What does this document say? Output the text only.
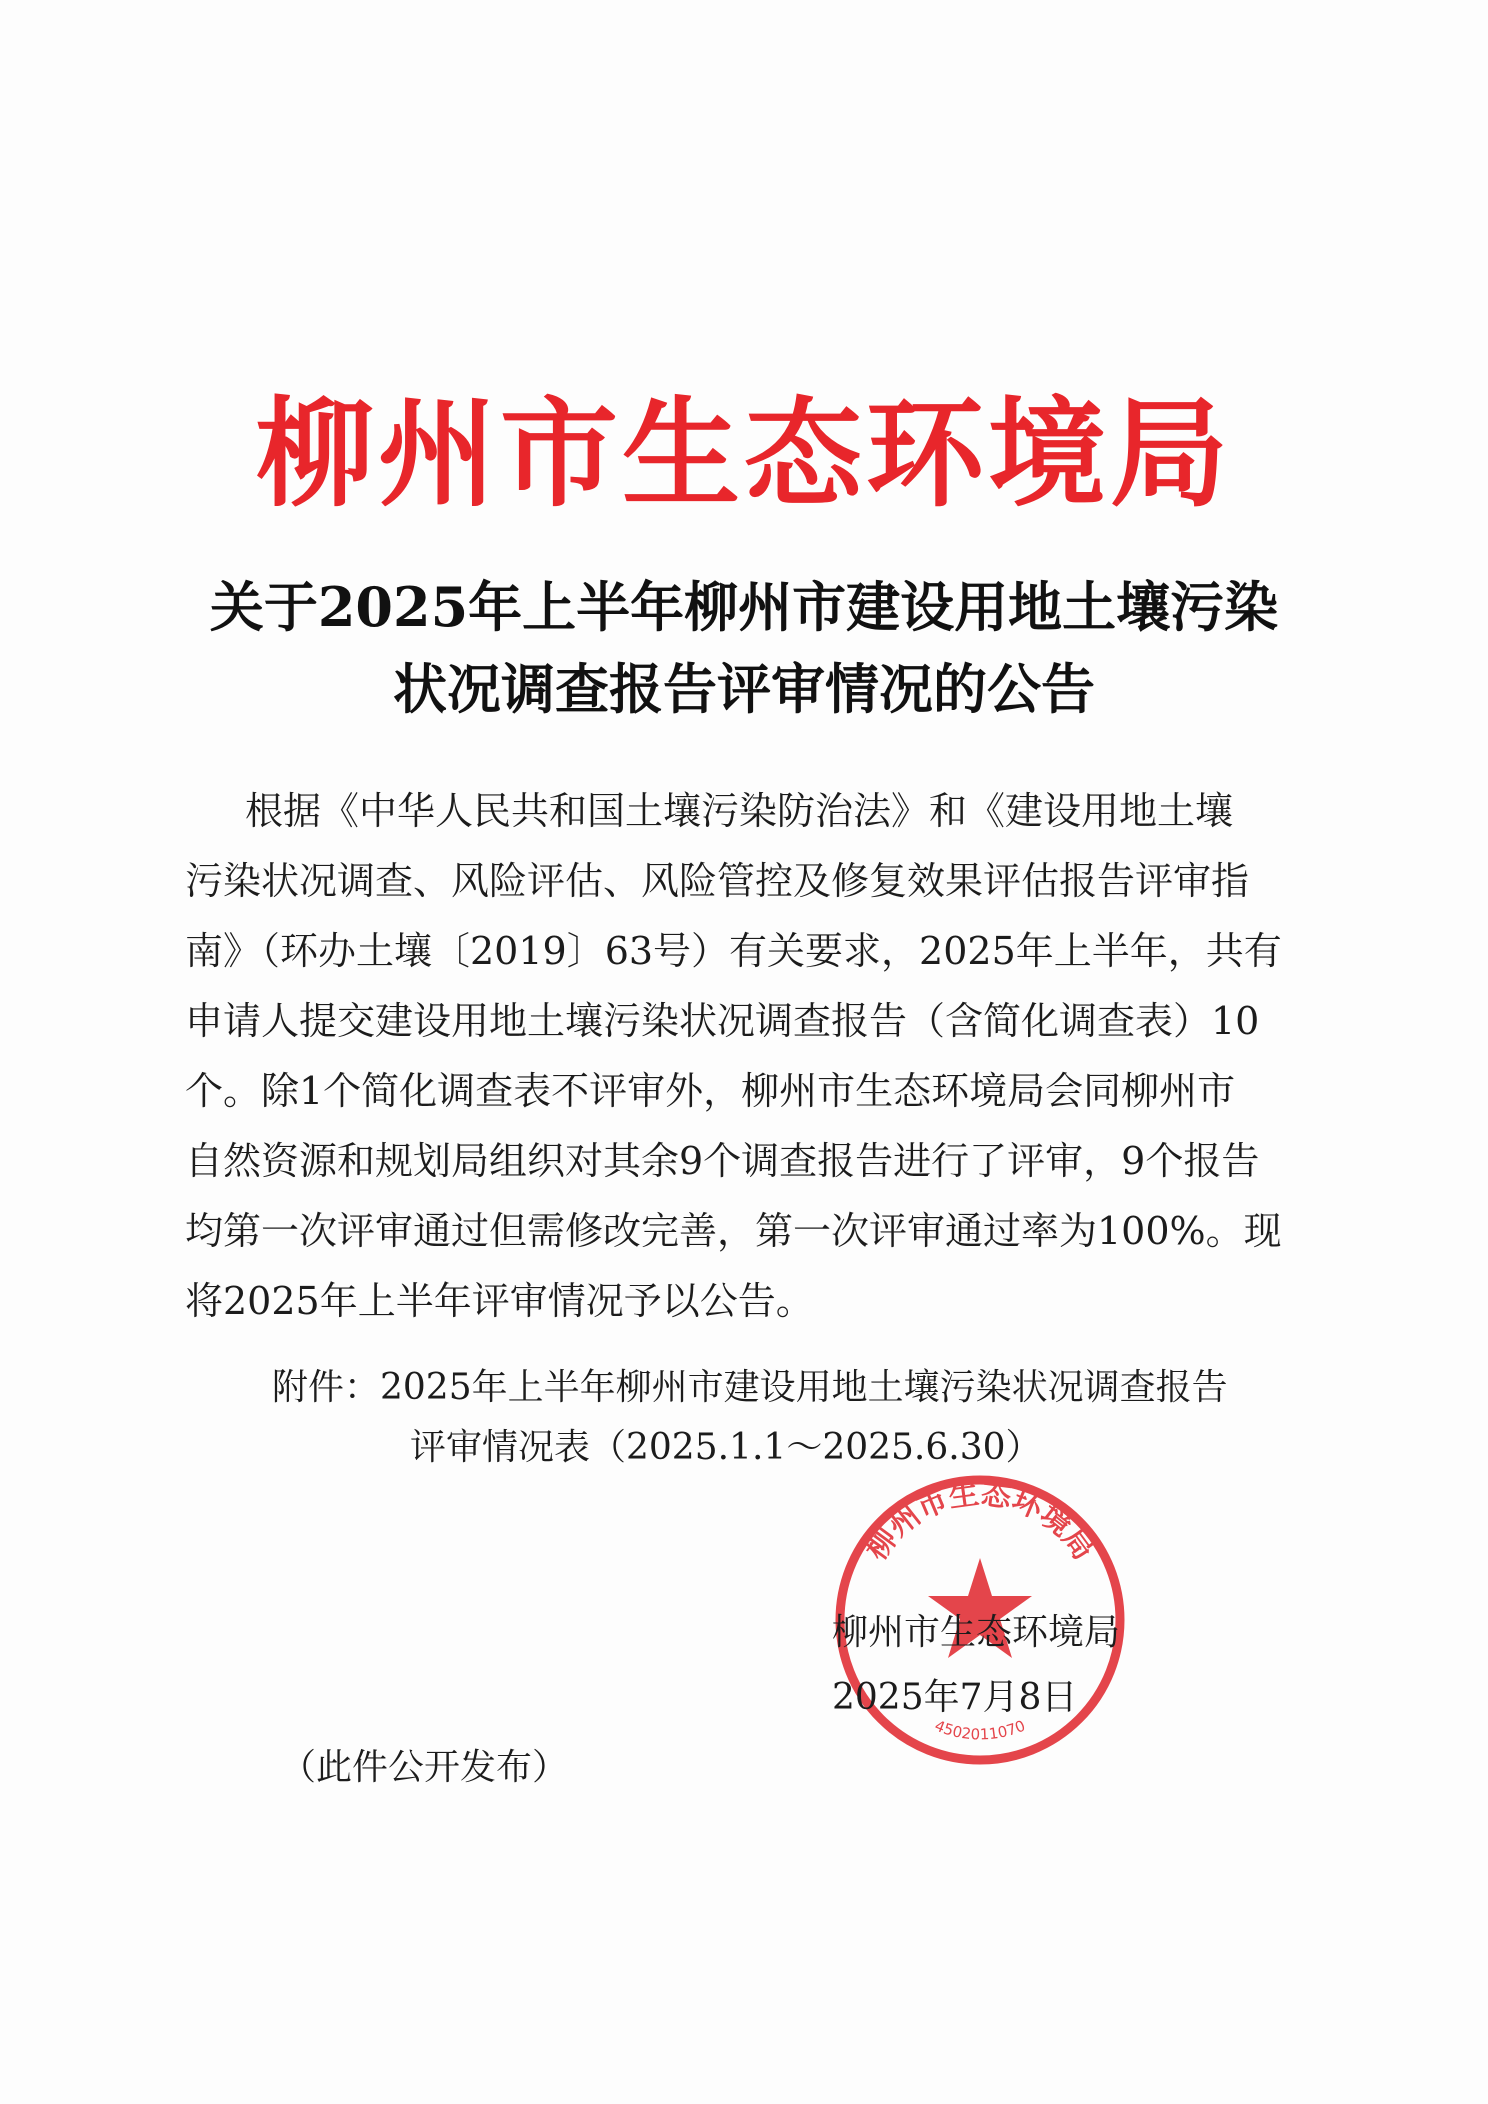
柳州市生态环境局
关于2025年上半年柳州市建设用地土壤污染
状况调查报告评审情况的公告
根据《中华人民共和国土壤污染防治法》和《建设用地土壤
污染状况调查、风险评估、风险管控及修复效果评估报告评审指
南》（环办土壤〔2019〕63号）有关要求，2025年上半年，共有
申请人提交建设用地土壤污染状况调查报告（含简化调查表）10
个。除1个简化调查表不评审外，柳州市生态环境局会同柳州市
自然资源和规划局组织对其余9个调查报告进行了评审，9个报告
均第一次评审通过但需修改完善，第一次评审通过率为100%。现
将2025年上半年评审情况予以公告。
附件：2025年上半年柳州市建设用地土壤污染状况调查报告
评审情况表（2025.1.1～2025.6.30）
柳州市生态环境局
4502011070
柳州市生态环境局
2025年7月8日
（此件公开发布）
